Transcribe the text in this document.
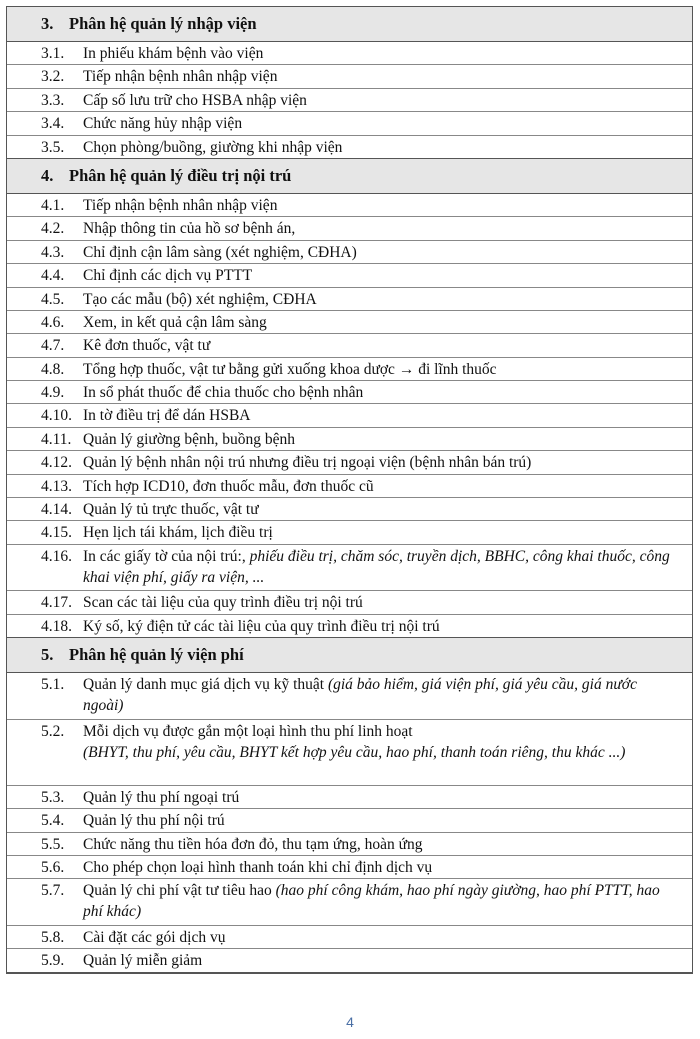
3. Phân hệ quản lý nhập viện
3.1.	In phiếu khám bệnh vào viện
3.2.	Tiếp nhận bệnh nhân nhập viện
3.3.	Cấp số lưu trữ cho HSBA nhập viện
3.4.	Chức năng hủy nhập viện
3.5.	Chọn phòng/buồng, giường khi nhập viện
4. Phân hệ quản lý điều trị nội trú
4.1.	Tiếp nhận bệnh nhân nhập viện
4.2.	Nhập thông tin của hồ sơ bệnh án,
4.3.	Chỉ định cận lâm sàng (xét nghiệm, CĐHA)
4.4.	Chỉ định các dịch vụ PTTT
4.5.	Tạo các mẫu (bộ) xét nghiệm, CĐHA
4.6.	Xem, in kết quả cận lâm sàng
4.7.	Kê đơn thuốc, vật tư
4.8.	Tổng hợp thuốc, vật tư bằng gửi xuống khoa dược → đi lĩnh thuốc
4.9.	In sổ phát thuốc để chia thuốc cho bệnh nhân
4.10. In tờ điều trị để dán HSBA
4.11. Quản lý giường bệnh, buồng bệnh
4.12. Quản lý bệnh nhân nội trú nhưng điều trị ngoại viện (bệnh nhân bán trú)
4.13. Tích hợp ICD10, đơn thuốc mẫu, đơn thuốc cũ
4.14. Quản lý tủ trực thuốc, vật tư
4.15. Hẹn lịch tái khám, lịch điều trị
4.16. In các giấy tờ của nội trú:, phiếu điều trị, chăm sóc, truyền dịch, BBHC, công khai thuốc, công khai viện phí, giấy ra viện, ...
4.17. Scan các tài liệu của quy trình điều trị nội trú
4.18. Ký số, ký điện tử các tài liệu của quy trình điều trị nội trú
5. Phân hệ quản lý viện phí
5.1.	Quản lý danh mục giá dịch vụ kỹ thuật (giá bảo hiểm, giá viện phí, giá yêu cầu, giá nước ngoài)
5.2.	Mỗi dịch vụ được gắn một loại hình thu phí linh hoạt
(BHYT, thu phí, yêu cầu, BHYT kết hợp yêu cầu, hao phí, thanh toán riêng, thu khác ...)
5.3.	Quản lý thu phí ngoại trú
5.4.	Quản lý thu phí nội trú
5.5.	Chức năng thu tiền hóa đơn đỏ, thu tạm ứng, hoàn ứng
5.6.	Cho phép chọn loại hình thanh toán khi chỉ định dịch vụ
5.7.	Quản lý chi phí vật tư tiêu hao (hao phí công khám, hao phí ngày giường, hao phí PTTT, hao phí khác)
5.8.	Cài đặt các gói dịch vụ
5.9.	Quản lý miễn giảm
4
